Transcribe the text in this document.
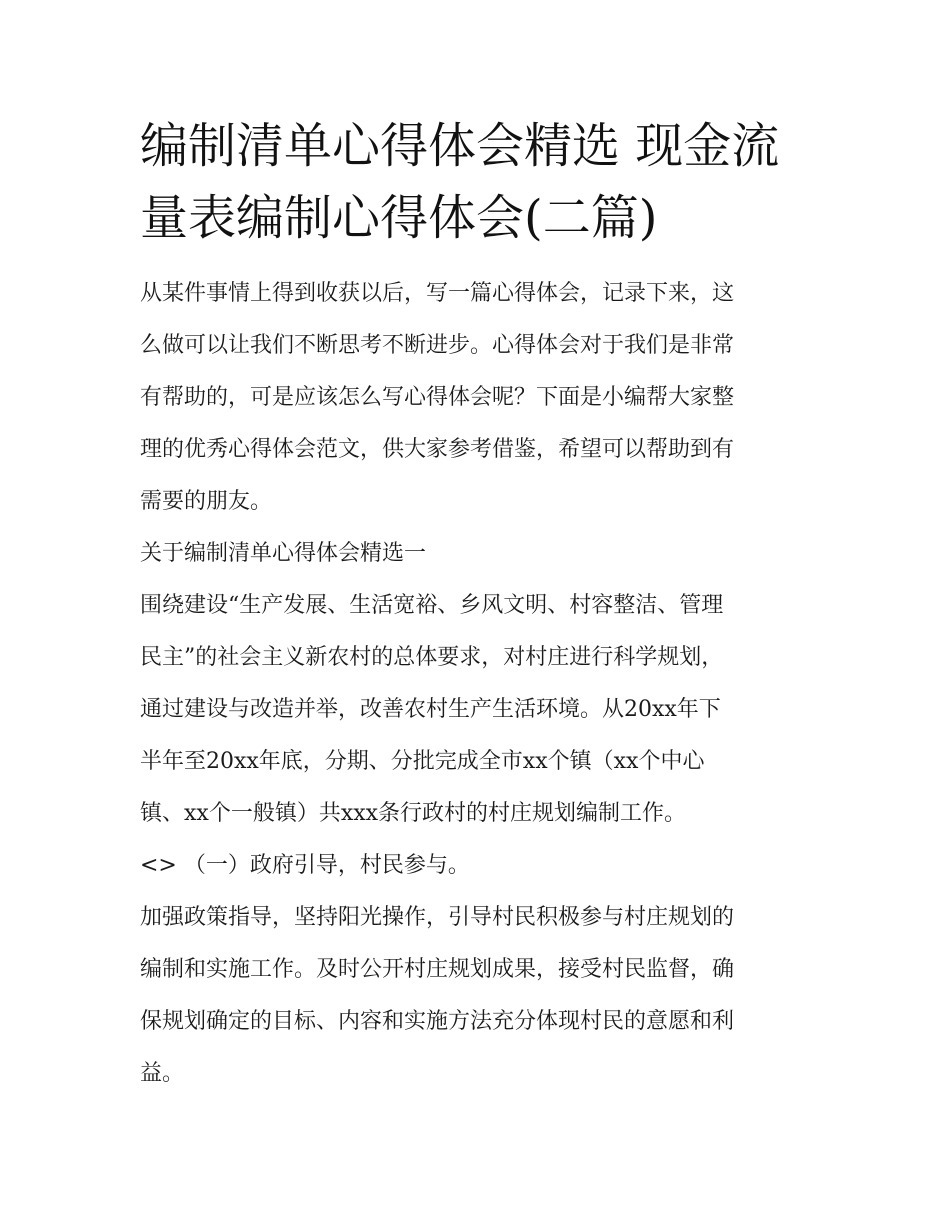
编制清单心得体会精选 现金流
量表编制心得体会(二篇)

从某件事情上得到收获以后，写一篇心得体会，记录下来，这
么做可以让我们不断思考不断进步。心得体会对于我们是非常
有帮助的，可是应该怎么写心得体会呢？下面是小编帮大家整
理的优秀心得体会范文，供大家参考借鉴，希望可以帮助到有
需要的朋友。

关于编制清单心得体会精选一

围绕建设“生产发展、生活宽裕、乡风文明、村容整洁、管理
民主”的社会主义新农村的总体要求，对村庄进行科学规划，
通过建设与改造并举，改善农村生产生活环境。从20xx年下
半年至20xx年底，分期、分批完成全市xx个镇（xx个中心
镇、xx个一般镇）共xxx条行政村的村庄规划编制工作。

<> （一）政府引导，村民参与。

加强政策指导，坚持阳光操作，引导村民积极参与村庄规划的
编制和实施工作。及时公开村庄规划成果，接受村民监督，确
保规划确定的目标、内容和实施方法充分体现村民的意愿和利
益。
